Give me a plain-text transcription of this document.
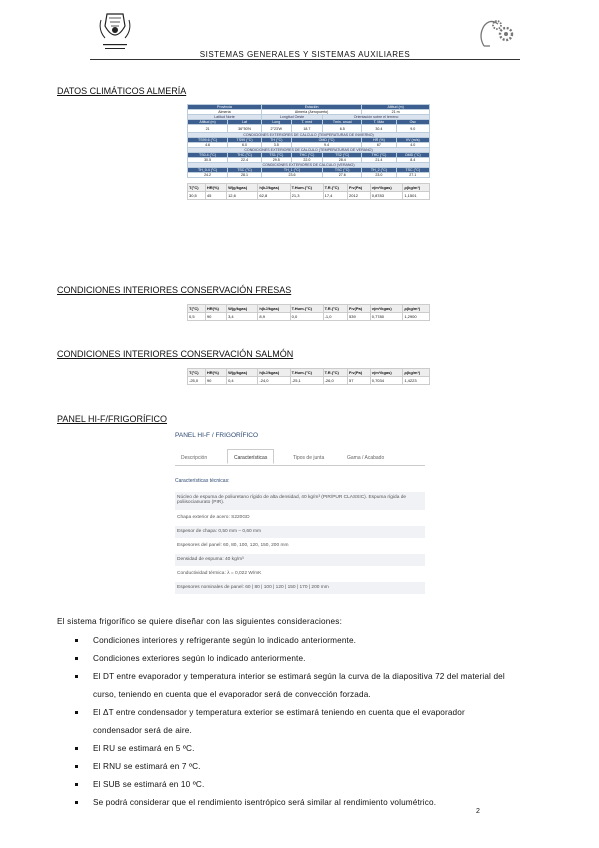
SISTEMAS GENERALES Y SISTEMAS AUXILIARES
DATOS CLIMÁTICOS ALMERÍA
Provincia		Estación			Altitud (m)	
Almería		Almería (Aeropuerto)			21 m	
Latitud Norte		Longitud Oeste		Orientación sobre el terreno		
Altitud (m)	Lat	Long	T. med	Tmin. anual	T. Máx	Osc
21	36°50'N	2°23'W	18.7	6.5	30.4	9.0
CONDICIONES EXTERIORES DE CÁLCULO (TEMPERATURAS DE INVIERNO)						
TS99.6 (°C)	TS99 (°C)	TH (°C)	OMD (°C)		HR (%)	VV (m/s)
4.6	6.0	3.5	9.4		67	4.0
CONDICIONES EXTERIORES DE CÁLCULO (TEMPERATURAS DE VERANO)						
TS0.4 (°C)	THC (°C)	TS1 (°C)	THC (°C)	TS2 (°C)	THC (°C)	OMD (°C)
30.5	22.4	29.5	22.0	28.4	21.4	8.4
CONDICIONES EXTERIORES DE CÁLCULO (VERANO)						
TH_0.4 (°C)	TSC (°C)	TH_1 (°C)		TSC (°C)	TH_2 (°C)	TSC (°C)
24.2	28.1	23.6		27.6	23.0	27.1
T(°C)	HR(%)	W(g/kgas)	h(kJ/kgas)	T.Hum.(°C)	T.R.(°C)	P.v(Pa)	v(m³/kgas)	ρ(kg/m³)
30,5	45	12,6	62,8	21,3	17,4	2012	0,8783	1,1501
CONDICIONES INTERIORES CONSERVACIÓN FRESAS
T(°C)	HR(%)	W(g/kgas)	h(kJ/kgas)	T.Hum.(°C)	T.R.(°C)	P.v(Pa)	v(m³/kgas)	ρ(kg/m³)
0,5	90	3,4	8,9	0,0	-1,0	539	0,7780	1,2900
CONDICIONES INTERIORES CONSERVACIÓN SALMÓN
T(°C)	HR(%)	W(g/kgas)	h(kJ/kgas)	T.Hum.(°C)	T.R.(°C)	P.v(Pa)	v(m³/kgas)	ρ(kg/m³)
-25,0	90	0,4	-24,0	-25,1	-26,0	57	0,7034	1,4223
PANEL HI-F/FRIGORÍFICO
PANEL HI-F / FRIGORÍFICO
Descripción	Características	Tipos de junta	Gama / Acabado
Características técnicas:
Núcleo de espuma de poliuretano rígido de alta densidad, 40 kg/m³ (PIR/PUR CLASSIC). Espuma rígida de poliisocianurato (PIR).
Chapa exterior de acero: S220GD
Espesor de chapa: 0,50 mm – 0,60 mm
Espesores del panel: 60, 80, 100, 120, 150, 200 mm
Densidad de espuma: 40 kg/m³
Conductividad térmica: λ = 0,022 W/mK
Espesores nominales de panel: 60 | 80 | 100 | 120 | 150 | 170 | 200 mm
El sistema frigorífico se quiere diseñar con las siguientes consideraciones:
Condiciones interiores y refrigerante según lo indicado anteriormente.
Condiciones exteriores según lo indicado anteriormente.
El DT entre evaporador y temperatura interior se estimará según la curva de la diapositiva 72 del material del curso, teniendo en cuenta que el evaporador será de convección forzada.
El ΔT entre condensador y temperatura exterior se estimará teniendo en cuenta que el evaporador condensador será de aire.
El RU se estimará en 5 ºC.
El RNU se estimará en 7 ºC.
El SUB se estimará en 10 ºC.
Se podrá considerar que el rendimiento isentrópico será similar al rendimiento volumétrico.
2
